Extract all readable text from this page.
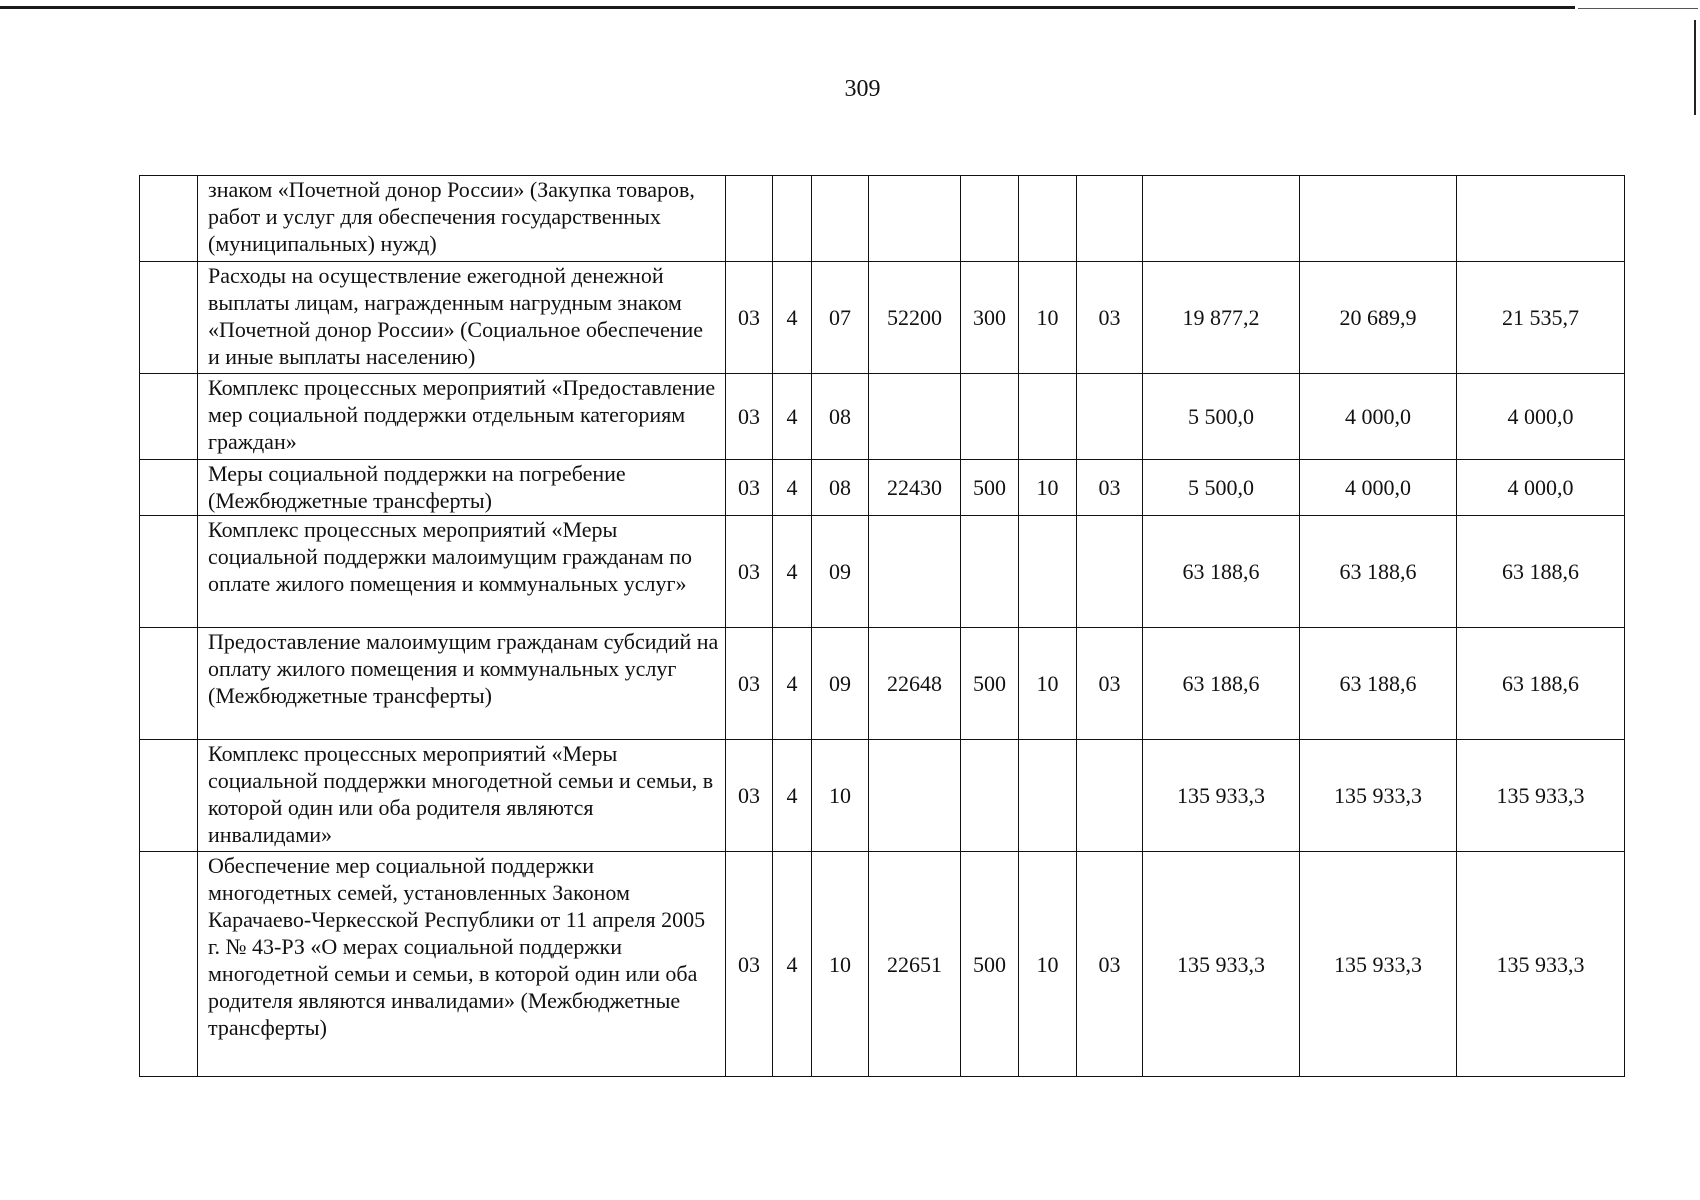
309
	знаком «Почетной донор России» (Закупка товаров, работ и услуг для обеспечения государственных (муниципальных) нужд)										
	Расходы на осуществление ежегодной денежной выплаты лицам, награжденным нагрудным знаком «Почетной донор России» (Социальное обеспечение и иные выплаты населению)	03	4	07	52200	300	10	03	19 877,2	20 689,9	21 535,7
	Комплекс процессных мероприятий «Предоставление мер социальной поддержки отдельным категориям граждан»	03	4	08					5 500,0	4 000,0	4 000,0
	Меры социальной поддержки на погребение (Межбюджетные трансферты)	03	4	08	22430	500	10	03	5 500,0	4 000,0	4 000,0
	Комплекс процессных мероприятий «Меры социальной поддержки малоимущим гражданам по оплате жилого помещения и коммунальных услуг»	03	4	09					63 188,6	63 188,6	63 188,6
	Предоставление малоимущим гражданам субсидий на оплату жилого помещения и коммунальных услуг (Межбюджетные трансферты)	03	4	09	22648	500	10	03	63 188,6	63 188,6	63 188,6
	Комплекс процессных мероприятий «Меры социальной поддержки многодетной семьи и семьи, в которой один или оба родителя являются инвалидами»	03	4	10					135 933,3	135 933,3	135 933,3
	Обеспечение мер социальной поддержки многодетных семей, установленных Законом Карачаево-Черкесской Республики от 11 апреля 2005 г. № 43-РЗ «О мерах социальной поддержки многодетной семьи и семьи, в которой один или оба родителя являются инвалидами» (Межбюджетные трансферты)	03	4	10	22651	500	10	03	135 933,3	135 933,3	135 933,3
